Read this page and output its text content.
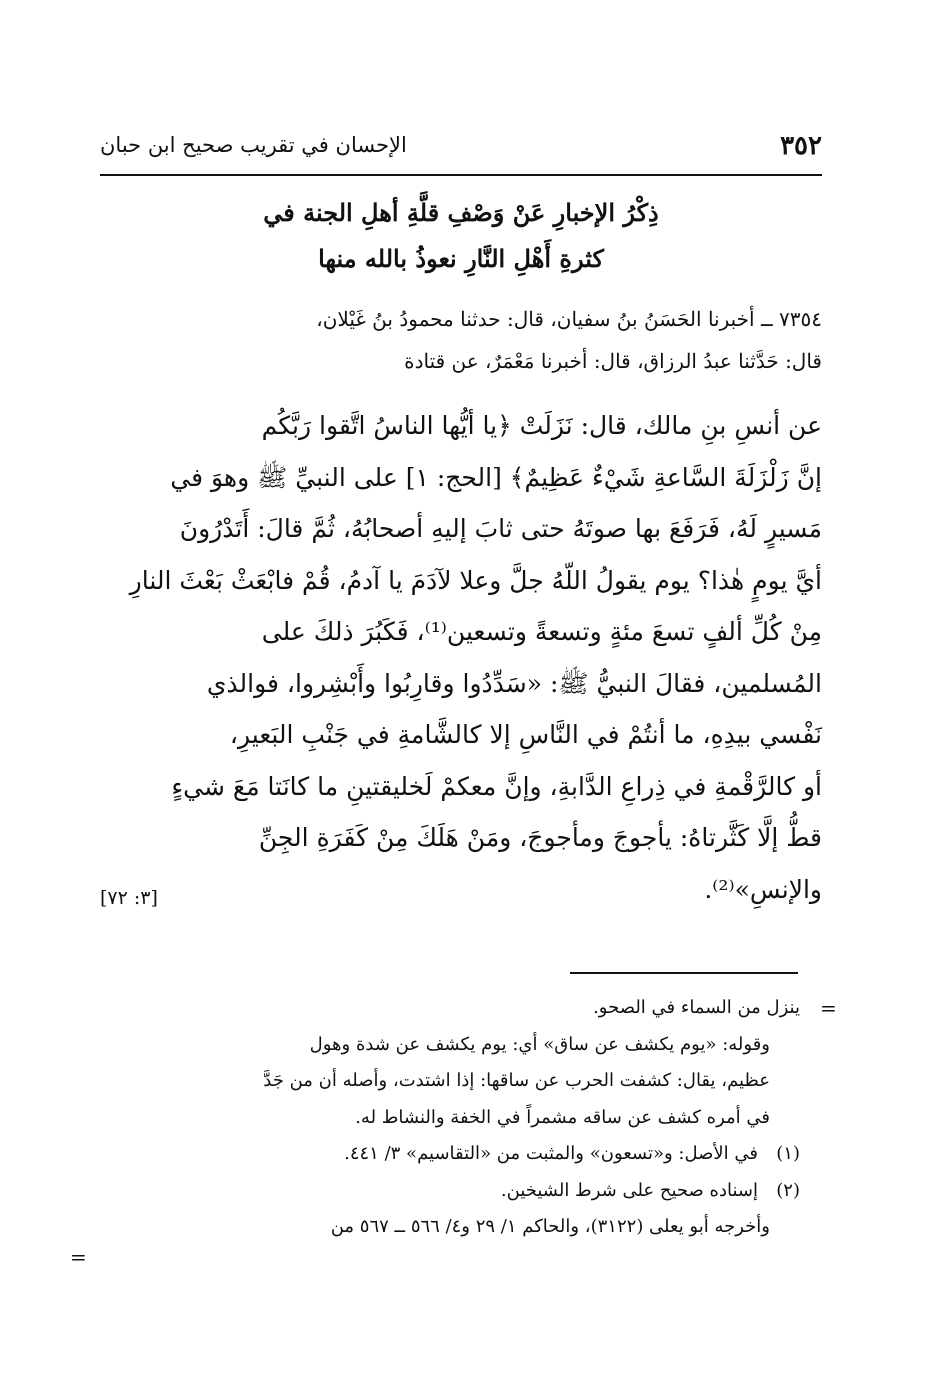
٣٥٢
الإحسان في تقريب صحيح ابن حبان
ذِكْرُ الإخبارِ عَنْ وَصْفِ قلَّةِ أهلِ الجنة في
كثرةِ أَهْلِ النَّارِ نعوذُ بالله منها
٧٣٥٤ ــ أخبرنا الحَسَنُ بنُ سفيان، قال: حدثنا محمودُ بنُ غَيْلان،
قال: حَدَّثنا عبدُ الرزاق، قال: أخبرنا مَعْمَرٌ، عن قتادة
عن أنسِ بنِ مالك، قال: نَزَلَتْ ﴿يا أيُّها الناسُ اتَّقوا رَبَّكُم
إنَّ زَلْزَلَةَ السَّاعةِ شَيْءٌ عَظِيمٌ﴾ [الحج: ١] على النبيِّ ﷺ وهوَ في
مَسيرٍ لَهُ، فَرَفَعَ بها صوتَهُ حتى ثابَ إليهِ أصحابُهُ، ثُمَّ قالَ: أَتَدْرُونَ
أيَّ يومٍ هٰذا؟ يوم يقولُ اللّهُ جلَّ وعلا لآدَمَ يا آدمُ، قُمْ فابْعَثْ بَعْثَ النارِ
مِنْ كُلِّ ألفٍ تسعَ مئةٍ وتسعةً وتسعين⁽¹⁾، فَكَبُرَ ذلكَ على
المُسلمين، فقالَ النبيُّ ﷺ: «سَدِّدُوا وقارِبُوا وأَبْشِروا، فوالذي
نَفْسي بيدِهِ، ما أنتُمْ في النَّاسِ إلا كالشَّامةِ في جَنْبِ البَعيرِ،
أو كالرَّقْمةِ في ذِراعِ الدَّابةِ، وإنَّ معكمْ لَخليقتينِ ما كانَتا مَعَ شيءٍ
قطُّ إلَّا كَثَّرتاهُ: يأجوجَ ومأجوجَ، ومَنْ هَلَكَ مِنْ كَفَرَةِ الجِنِّ
والإنسِ»⁽²⁾.
[٣: ٧٢]
=

ينزل من السماء في الصحو.

وقوله: «يوم يكشف عن ساق» أي: يوم يكشف عن شدة وهول

عظيم، يقال: كشفت الحرب عن ساقها: إذا اشتدت، وأصله أن من جَدَّ

في أمره كشف عن ساقه مشمراً في الخفة والنشاط له.

(١)في الأصل: و«تسعون» والمثبت من «التقاسيم» ٣/ ٤٤١.

(٢)إسناده صحيح على شرط الشيخين.

وأخرجه أبو يعلى (٣١٢٢)، والحاكم ١/ ٢٩ و٤/ ٥٦٦ ــ ٥٦٧ من

=
